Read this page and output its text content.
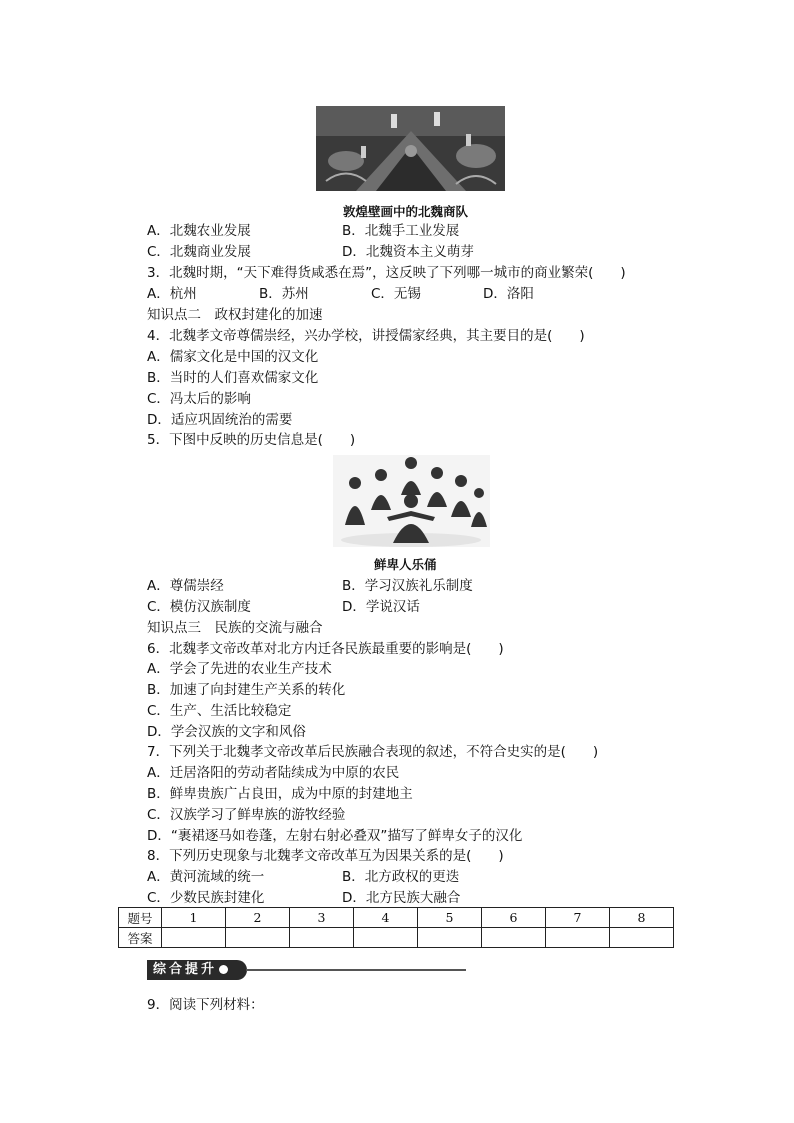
敦煌壁画中的北魏商队
A．北魏农业发展	B．北魏手工业发展
C．北魏商业发展	D．北魏资本主义萌芽
3．北魏时期，“天下难得货咸悉在焉”，这反映了下列哪一城市的商业繁荣(　　)
A．杭州	B．苏州	C．无锡	D．洛阳
知识点二　政权封建化的加速
4．北魏孝文帝尊儒崇经，兴办学校，讲授儒家经典，其主要目的是(　　)
A．儒家文化是中国的汉文化
B．当时的人们喜欢儒家文化
C．冯太后的影响
D．适应巩固统治的需要
5．下图中反映的历史信息是(　　)
鲜卑人乐俑
A．尊儒崇经	B．学习汉族礼乐制度
C．模仿汉族制度	D．学说汉话
知识点三　民族的交流与融合
6．北魏孝文帝改革对北方内迁各民族最重要的影响是(　　)
A．学会了先进的农业生产技术
B．加速了向封建生产关系的转化
C．生产、生活比较稳定
D．学会汉族的文字和风俗
7．下列关于北魏孝文帝改革后民族融合表现的叙述，不符合史实的是(　　)
A．迁居洛阳的劳动者陆续成为中原的农民
B．鲜卑贵族广占良田，成为中原的封建地主
C．汉族学习了鲜卑族的游牧经验
D．“裹裙逐马如卷蓬，左射右射必叠双”描写了鲜卑女子的汉化
8．下列历史现象与北魏孝文帝改革互为因果关系的是(　　)
A．黄河流域的统一	B．北方政权的更迭
C．少数民族封建化	D．北方民族大融合
题号	1	2	3	4	5	6	7	8
答案								
综合提升
9．阅读下列材料：
